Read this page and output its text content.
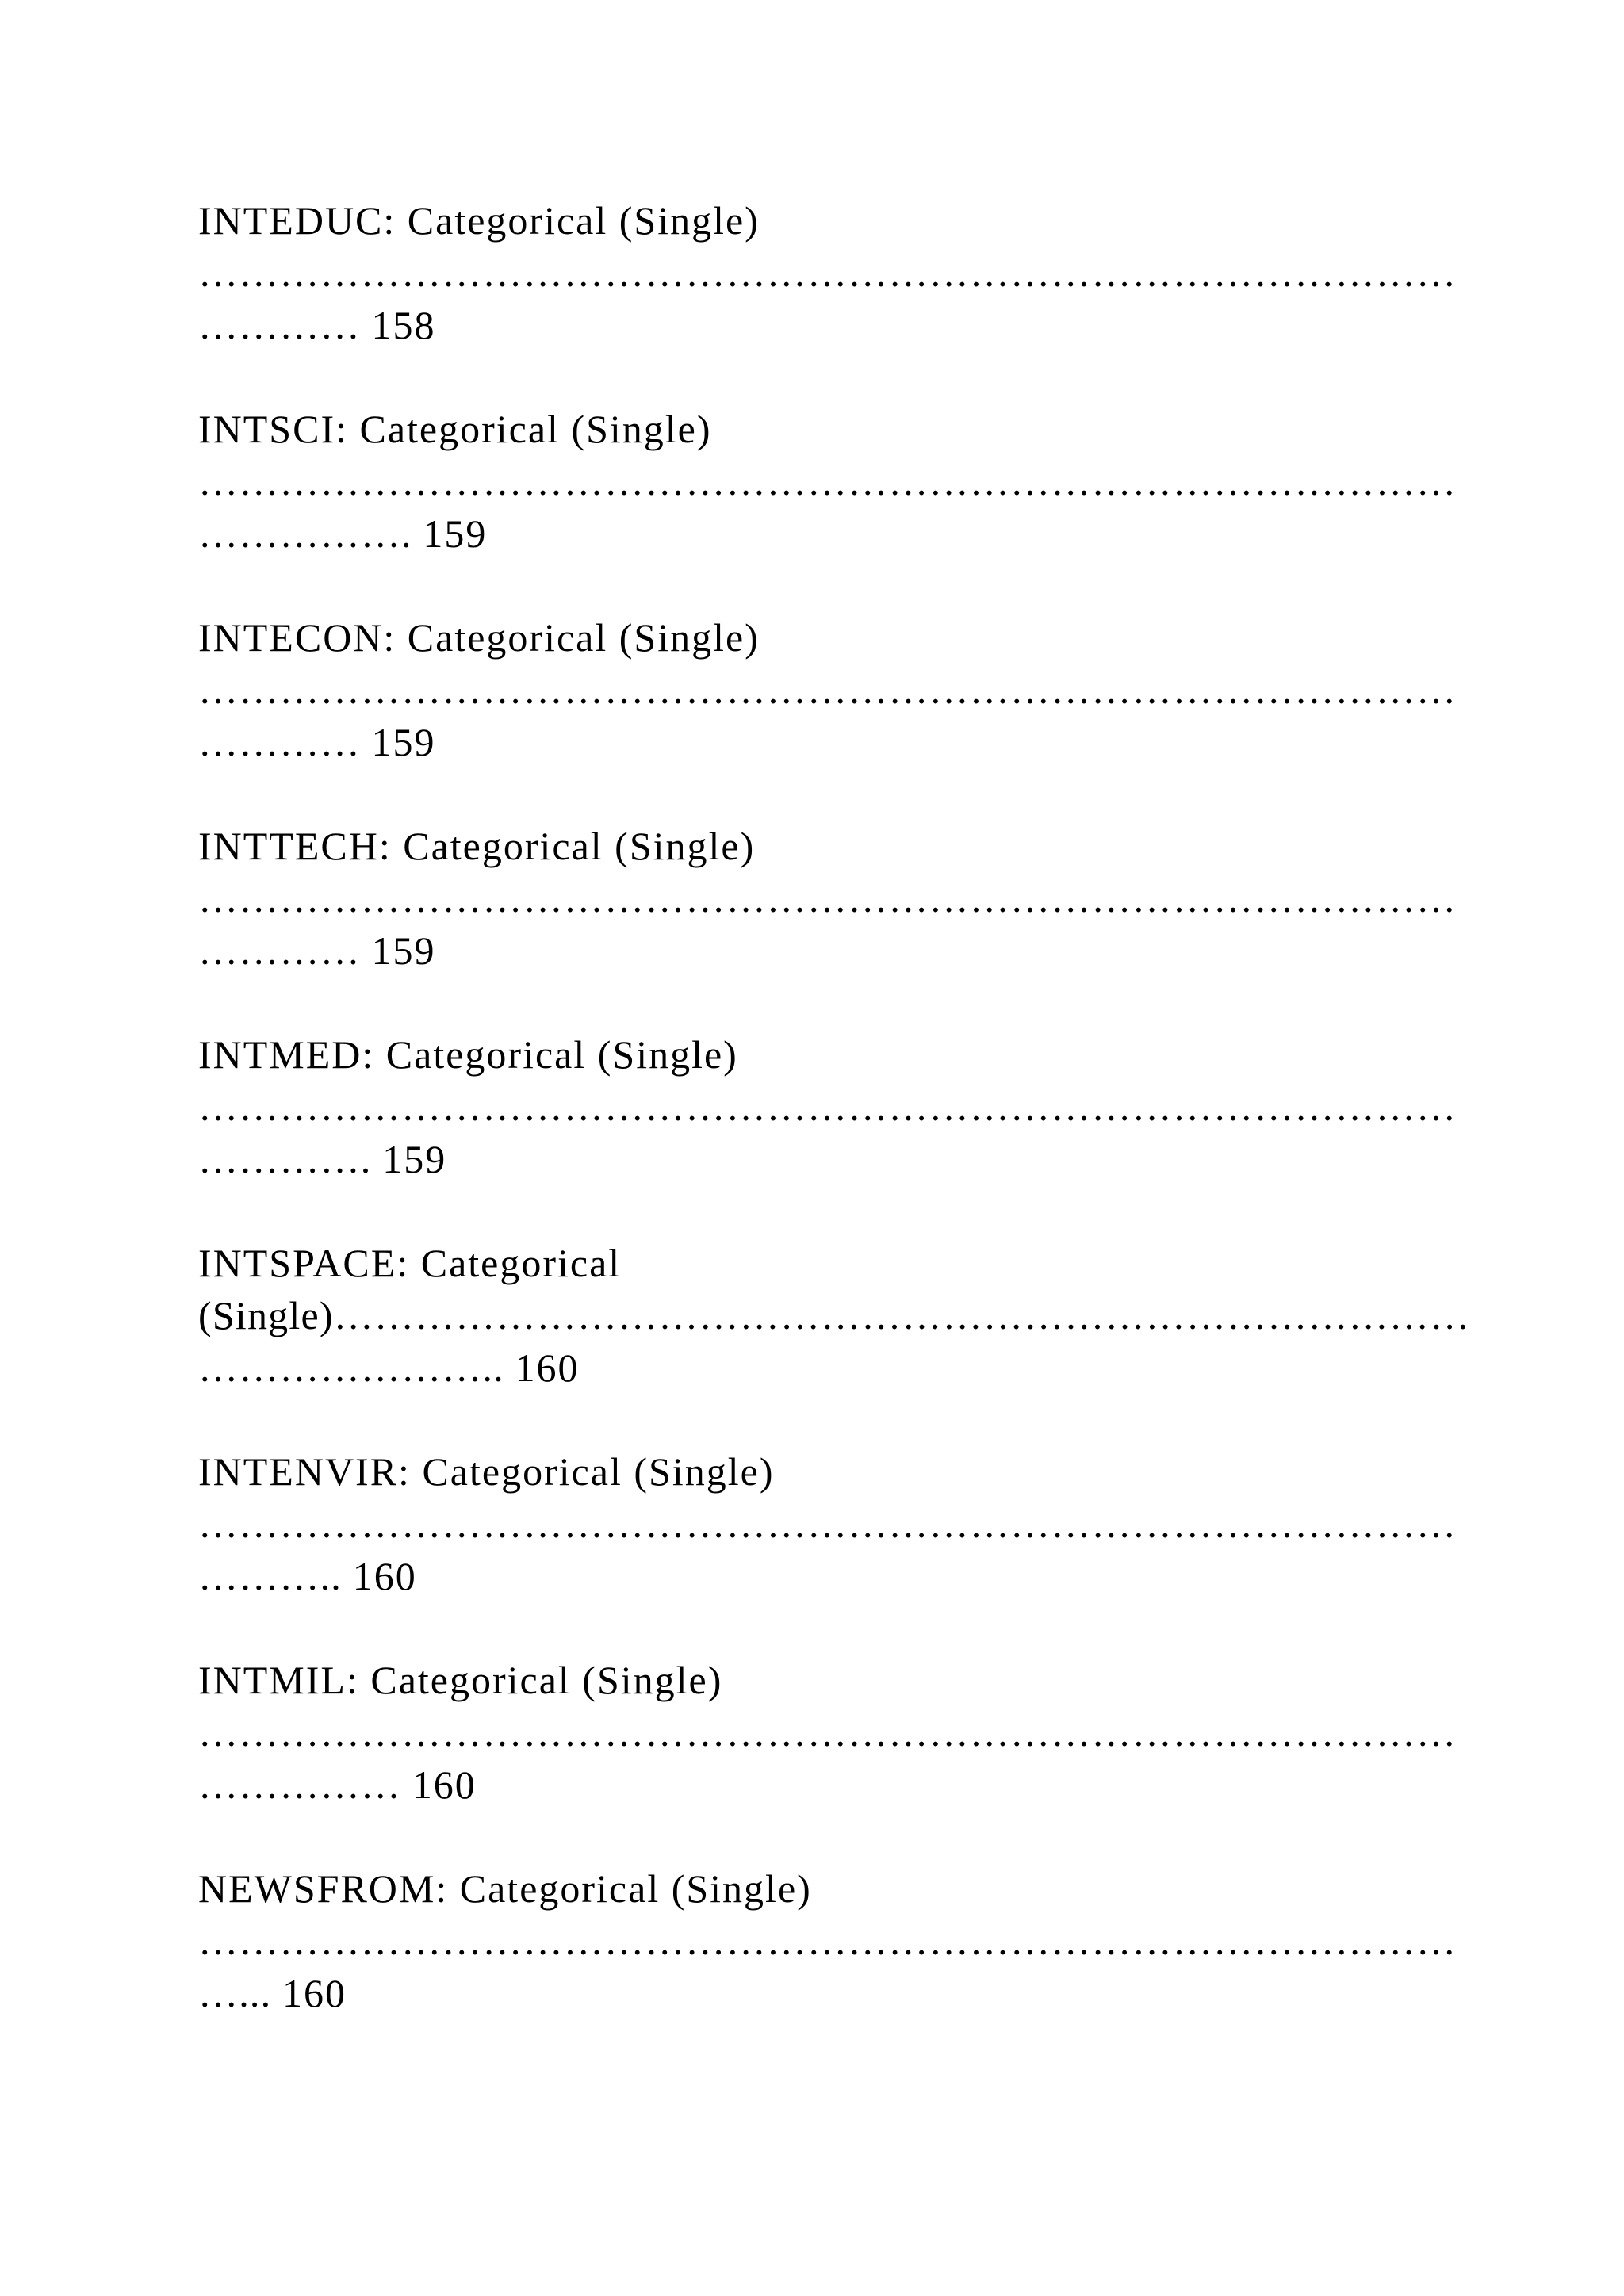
INTEDUC: Categorical (Single)
…………………………………………………………………………………
………… 158
INTSCI: Categorical (Single)
…………………………………………………………………………………
……………. 159
INTECON: Categorical (Single)
…………………………………………………………………………………
………… 159
INTTECH: Categorical (Single)
…………………………………………………………………………………
………… 159
INTMED: Categorical (Single)
…………………………………………………………………………………
…………. 159
INTSPACE: Categorical
(Single)…………………………………………………………………………
………………….. 160
INTENVIR: Categorical (Single)
…………………………………………………………………………………
……….. 160
INTMIL: Categorical (Single)
…………………………………………………………………………………
…………… 160
NEWSFROM: Categorical (Single)
…………………………………………………………………………………
…... 160
